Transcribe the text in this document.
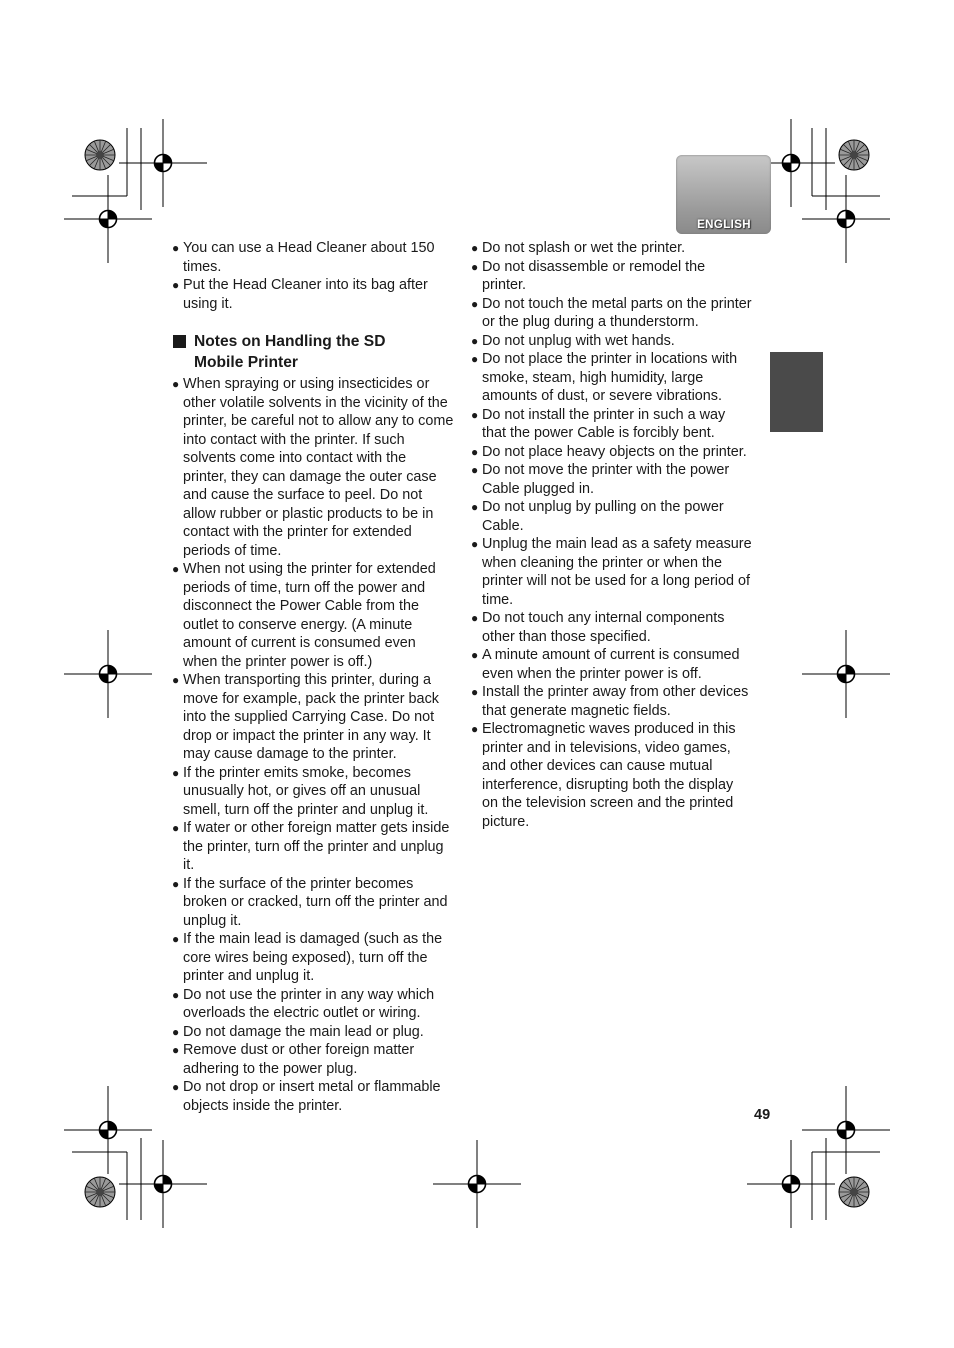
ENGLISH
● You can use a Head Cleaner about 150 times.
● Put the Head Cleaner into its bag after using it.
Notes on Handling the SD
Mobile Printer
● When spraying or using insecticides or other volatile solvents in the vicinity of the printer, be careful not to allow any to come into contact with the printer. If such solvents come into contact with the printer, they can damage the outer case and cause the surface to peel. Do not allow rubber or plastic products to be in contact with the printer for extended periods of time.
● When not using the printer for extended periods of time, turn off the power and disconnect the Power Cable from the outlet to conserve energy. (A minute amount of current is consumed even when the printer power is off.)
● When transporting this printer, during a move for example, pack the printer back into the supplied Carrying Case. Do not drop or impact the printer in any way. It may cause damage to the printer.
● If the printer emits smoke, becomes unusually hot, or gives off an unusual smell, turn off the printer and unplug it.
● If water or other foreign matter gets inside the printer, turn off the printer and unplug it.
● If the surface of the printer becomes broken or cracked, turn off the printer and unplug it.
● If the main lead is damaged (such as the core wires being exposed), turn off the printer and unplug it.
● Do not use the printer in any way which overloads the electric outlet or wiring.
● Do not damage the main lead or plug.
● Remove dust or other foreign matter adhering to the power plug.
● Do not drop or insert metal or flammable objects inside the printer.
● Do not splash or wet the printer.
● Do not disassemble or remodel the printer.
● Do not touch the metal parts on the printer or the plug during a thunderstorm.
● Do not unplug with wet hands.
● Do not place the printer in locations with smoke, steam, high humidity, large amounts of dust, or severe vibrations.
● Do not install the printer in such a way that the power Cable is forcibly bent.
● Do not place heavy objects on the printer.
● Do not move the printer with the power Cable plugged in.
● Do not unplug by pulling on the power Cable.
● Unplug the main lead as a safety measure when cleaning the printer or when the printer will not be used for a long period of time.
● Do not touch any internal components other than those specified.
● A minute amount of current is consumed even when the printer power is off.
● Install the printer away from other devices that generate magnetic fields.
● Electromagnetic waves produced in this printer and in televisions, video games, and other devices can cause mutual interference, disrupting both the display on the television screen and the printed picture.
49
